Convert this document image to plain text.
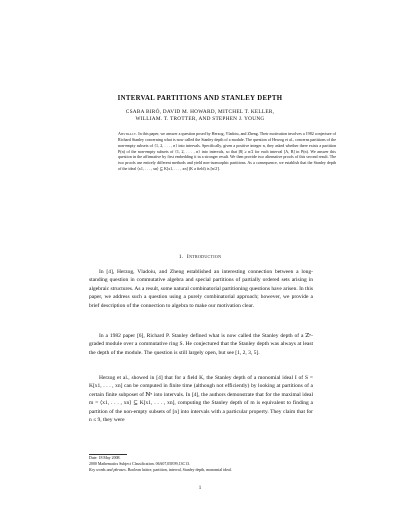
INTERVAL PARTITIONS AND STANLEY DEPTH
CSABA BIRÓ, DAVID M. HOWARD, MITCHEL T. KELLER,
WILLIAM. T. TROTTER, AND STEPHEN J. YOUNG
Abstract. In this paper, we answer a question posed by Herzog, Vladoiu, and Zheng. Their motivation involves a 1982 conjecture of Richard Stanley concerning what is now called the Stanley depth of a module. The question of Herzog et al., concerns partitions of the non-empty subsets of {1, 2, . . . , n} into intervals. Specifically, given a positive integer n, they asked whether there exists a partition P(n) of the non-empty subsets of {1, 2, . . . , n} into intervals, so that |B| ≥ n/2 for each interval [A, B] in P(n). We answer this question in the affirmative by first embedding it in a stronger result. We then provide two alternative proofs of this second result. The two proofs use entirely different methods and yield non-isomorphic partitions. As a consequence, we establish that the Stanley depth of the ideal ⟨x1, . . . , xn⟩ ⊆ K[x1, . . . , xn] (K a field) is ⌈n/2⌉.
1. Introduction

In [4], Herzog, Vladoiu, and Zheng established an interesting connection between a long-standing question in commutative algebra and special partitions of partially ordered sets arising in algebraic structures. As a result, some natural combinatorial partitioning questions have arisen. In this paper, we address such a question using a purely combinatorial approach; however, we provide a brief description of the connection to algebra to make our motivation clear.

In a 1982 paper [6], Richard P. Stanley defined what is now called the Stanley depth of a ℤⁿ-graded module over a commutative ring S. He conjectured that the Stanley depth was always at least the depth of the module. The question is still largely open, but see [1, 2, 3, 5].

Herzog et al., showed in [4] that for a field K, the Stanley depth of a monomial ideal I of S = K[x1, . . . , xn] can be computed in finite time (although not efficiently) by looking at partitions of a certain finite subposet of ℕⁿ into intervals. In [4], the authors demonstrate that for the maximal ideal m = ⟨x1, . . . , xn⟩ ⊆ K[x1, . . . , xn], computing the Stanley depth of m is equivalent to finding a partition of the non-empty subsets of [n] into intervals with a particular property. They claim that for n ≤ 9, they were

Date: 18 May 2008.
2000 Mathematics Subject Classification. 06A07,05E99,13C13.
Key words and phrases. Boolean lattice, partition, interval, Stanley depth, monomial ideal.
1
